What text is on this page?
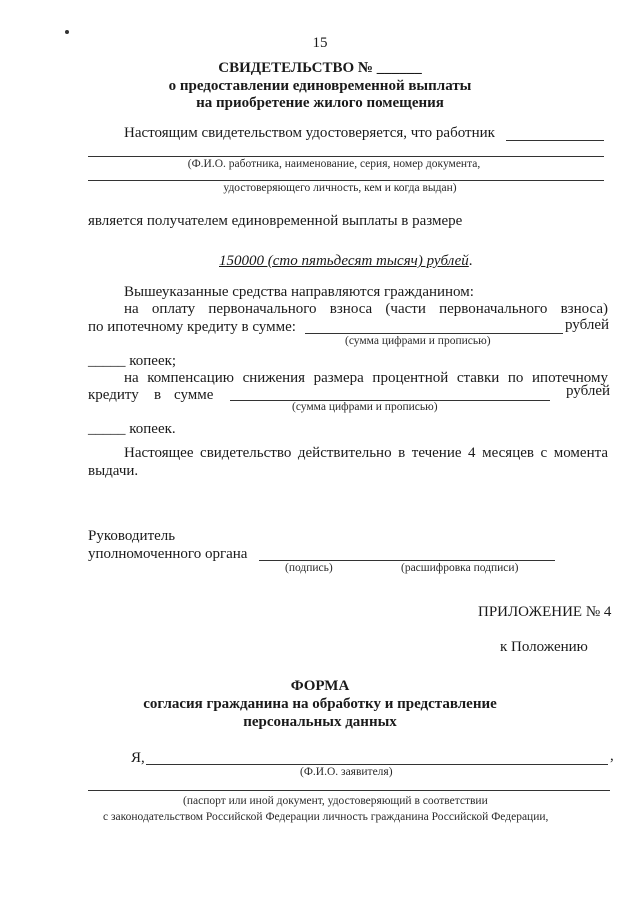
15
СВИДЕТЕЛЬСТВО № ______
о предоставлении единовременной выплаты
на приобретение жилого помещения
Настоящим свидетельством удостоверяется, что работник
(Ф.И.О. работника, наименование, серия, номер документа,
удостоверяющего личность, кем и когда выдан)
является получателем единовременной выплаты в размере
150000 (сто пятьдесят тысяч) рублей.
Вышеуказанные средства направляются гражданином:
на оплату первоначального взноса (части первоначального взноса)
по ипотечному кредиту в сумме:	рублей
(сумма цифрами и прописью)
_____ копеек;
на компенсацию снижения размера процентной ставки по ипотечному
кредиту в сумме	рублей
(сумма цифрами и прописью)
_____ копеек.
Настоящее свидетельство действительно в течение 4 месяцев с момента
выдачи.
Руководитель
уполномоченного органа
(подпись)	(расшифровка подписи)
ПРИЛОЖЕНИЕ № 4
к Положению
ФОРМА
согласия гражданина на обработку и представление
персональных данных
Я,	,
(Ф.И.О. заявителя)
(паспорт или иной документ, удостоверяющий в соответствии
с законодательством Российской Федерации личность гражданина Российской Федерации,
